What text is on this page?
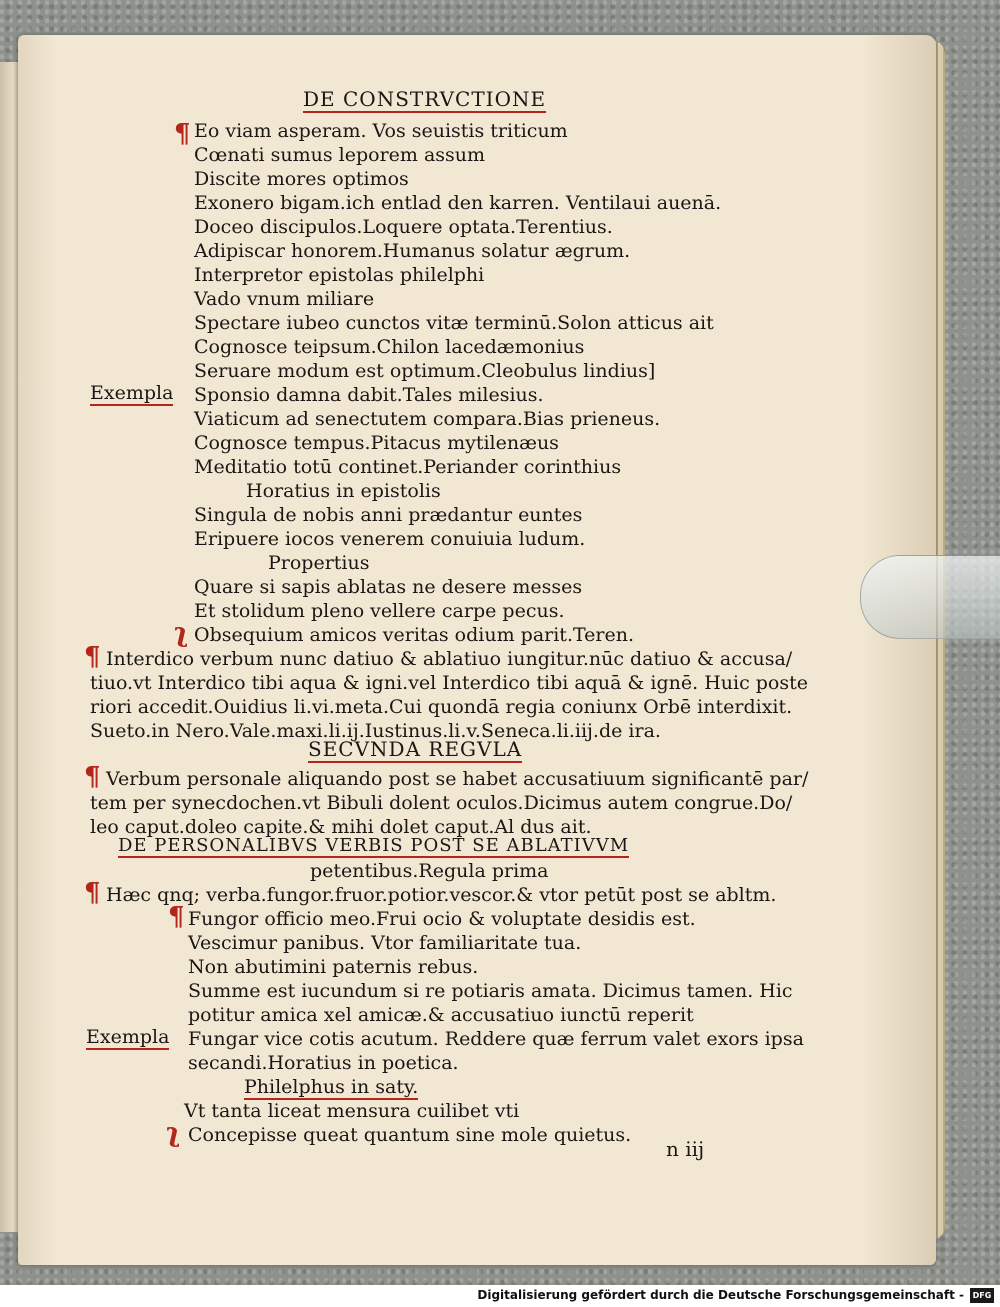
DE CONSTRVCTIONE
¶ Eo viam asperam. Vos seuistis triticum
Cœnati sumus leporem assum
Discite mores optimos
Exonero bigam.ich entlad den karren. Ventilaui auenā.
Doceo discipulos.Loquere optata.Terentius.
Adipiscar honorem.Humanus solatur ægrum.
Interpretor epistolas philelphi
Vado vnum miliare
Spectare iubeo cunctos vitæ terminū.Solon atticus ait
Cognosce teipsum.Chilon lacedæmonius
Seruare modum est optimum.Cleobulus lindius]
Sponsio damna dabit.Tales milesius.
Viaticum ad senectutem compara.Bias prieneus.
Cognosce tempus.Pitacus mytilenæus
Meditatio totū continet.Periander corinthius
Exempla
Horatius in epistolis
Singula de nobis anni prædantur euntes
Eripuere iocos venerem conuiuia ludum.
Propertius
Quare si sapis ablatas ne desere messes
Et stolidum pleno vellere carpe pecus.
ʅ Obsequium amicos veritas odium parit.Teren.
¶ Interdico verbum nunc datiuo & ablatiuo iungitur.nūc datiuo & accusa/
tiuo.vt Interdico tibi aqua & igni.vel Interdico tibi aquā & ignē. Huic poste
riori accedit.Ouidius li.vi.meta.Cui quondā regia coniunx Orbē interdixit.
Sueto.in Nero.Vale.maxi.li.ij.Iustinus.li.v.Seneca.li.iij.de ira.
SECVNDA REGVLA
¶ Verbum personale aliquando post se habet accusatiuum significantē par/
tem per synecdochen.vt Bibuli dolent oculos.Dicimus autem congrue.Do/
leo caput.doleo capite.& mihi dolet caput.Al dus ait.
DE PERSONALIBVS VERBIS POST SE ABLATIVVM
petentibus.Regula prima
¶ Hæc qnq; verba.fungor.fruor.potior.vescor.& vtor petūt post se abltm.
¶ Fungor officio meo.Frui ocio & voluptate desidis est.
Vescimur panibus. Vtor familiaritate tua.
Non abutimini paternis rebus.
Summe est iucundum si re potiaris amata. Dicimus tamen. Hic
potitur amica xel amicæ.& accusatiuo iunctū reperit
Fungar vice cotis acutum. Reddere quæ ferrum valet exors ipsa
secandi.Horatius in poetica.
Exempla
Philelphus in saty.
Vt tanta liceat mensura cuilibet vti
ʅ Concepisse queat quantum sine mole quietus.
n iij
Digitalisierung gefördert durch die Deutsche Forschungsgemeinschaft -	DFG
